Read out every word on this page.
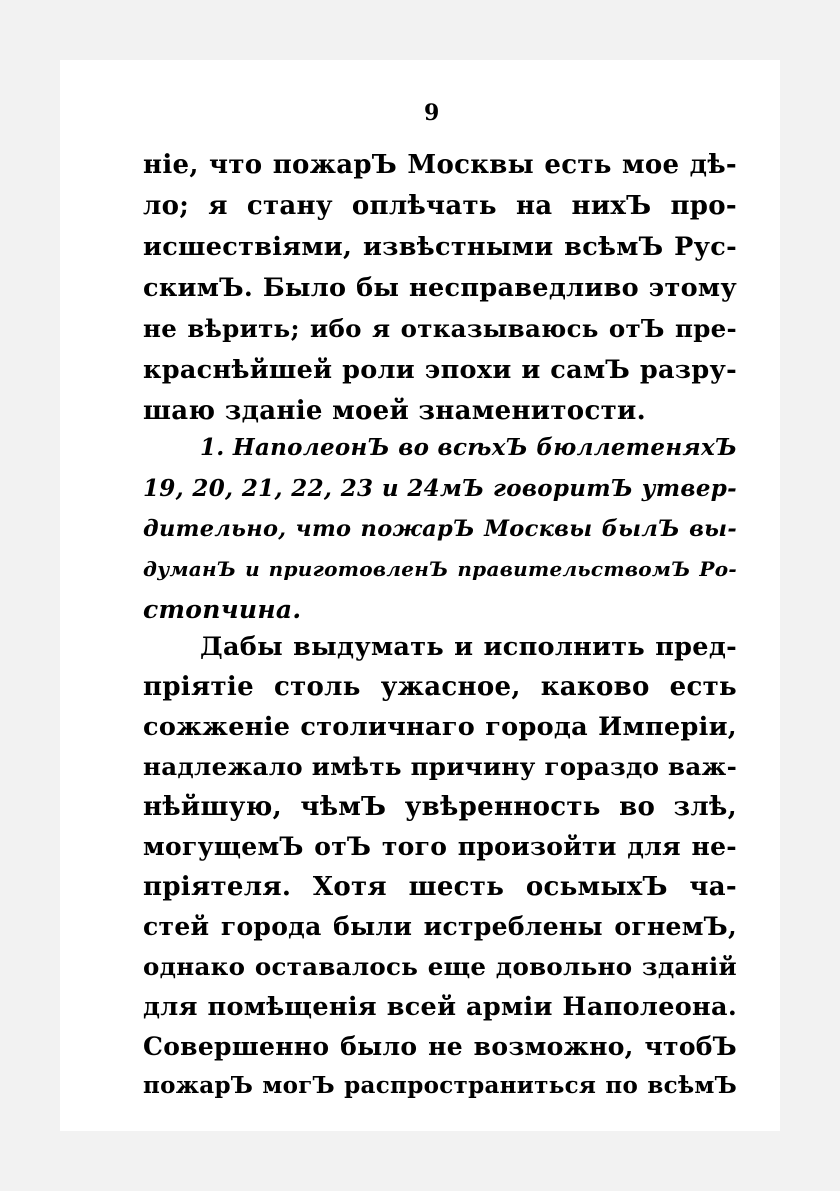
9
ніе, что пожарЪ Москвы есть мое дѣ-
ло; я стану оплѣчать на нихЪ про-
исшествіями, извѣстными всѣмЪ Рус-
скимЪ. Было бы несправедливо этому
не вѣрить; ибо я отказываюсь отЪ пре-
краснѣйшей роли эпохи и самЪ разру-
шаю зданіе моей знаменитости.
1. НаполеонЪ во всѣхЪ бюллетеняхЪ
19, 20, 21, 22, 23 и 24мЪ говоритЪ утвер-
дительно, что пожарЪ Москвы былЪ вы-
думанЪ и приготовленЪ правительствомЪ Ро-
стопчина.
Дабы выдумать и исполнить пред-
пріятіе столь ужасное, каково есть
сожженіе столичнаго города Имперіи,
надлежало имѣть причину гораздо важ-
нѣйшую, чѣмЪ увѣренность во злѣ,
могущемЪ отЪ того произойти для не-
пріятеля. Хотя шесть осьмыхЪ ча-
стей города были истреблены огнемЪ,
однако оставалось еще довольно зданій
для помѣщенія всей арміи Наполеона.
Совершенно было не возможно, чтобЪ
пожарЪ могЪ распространиться по всѣмЪ
